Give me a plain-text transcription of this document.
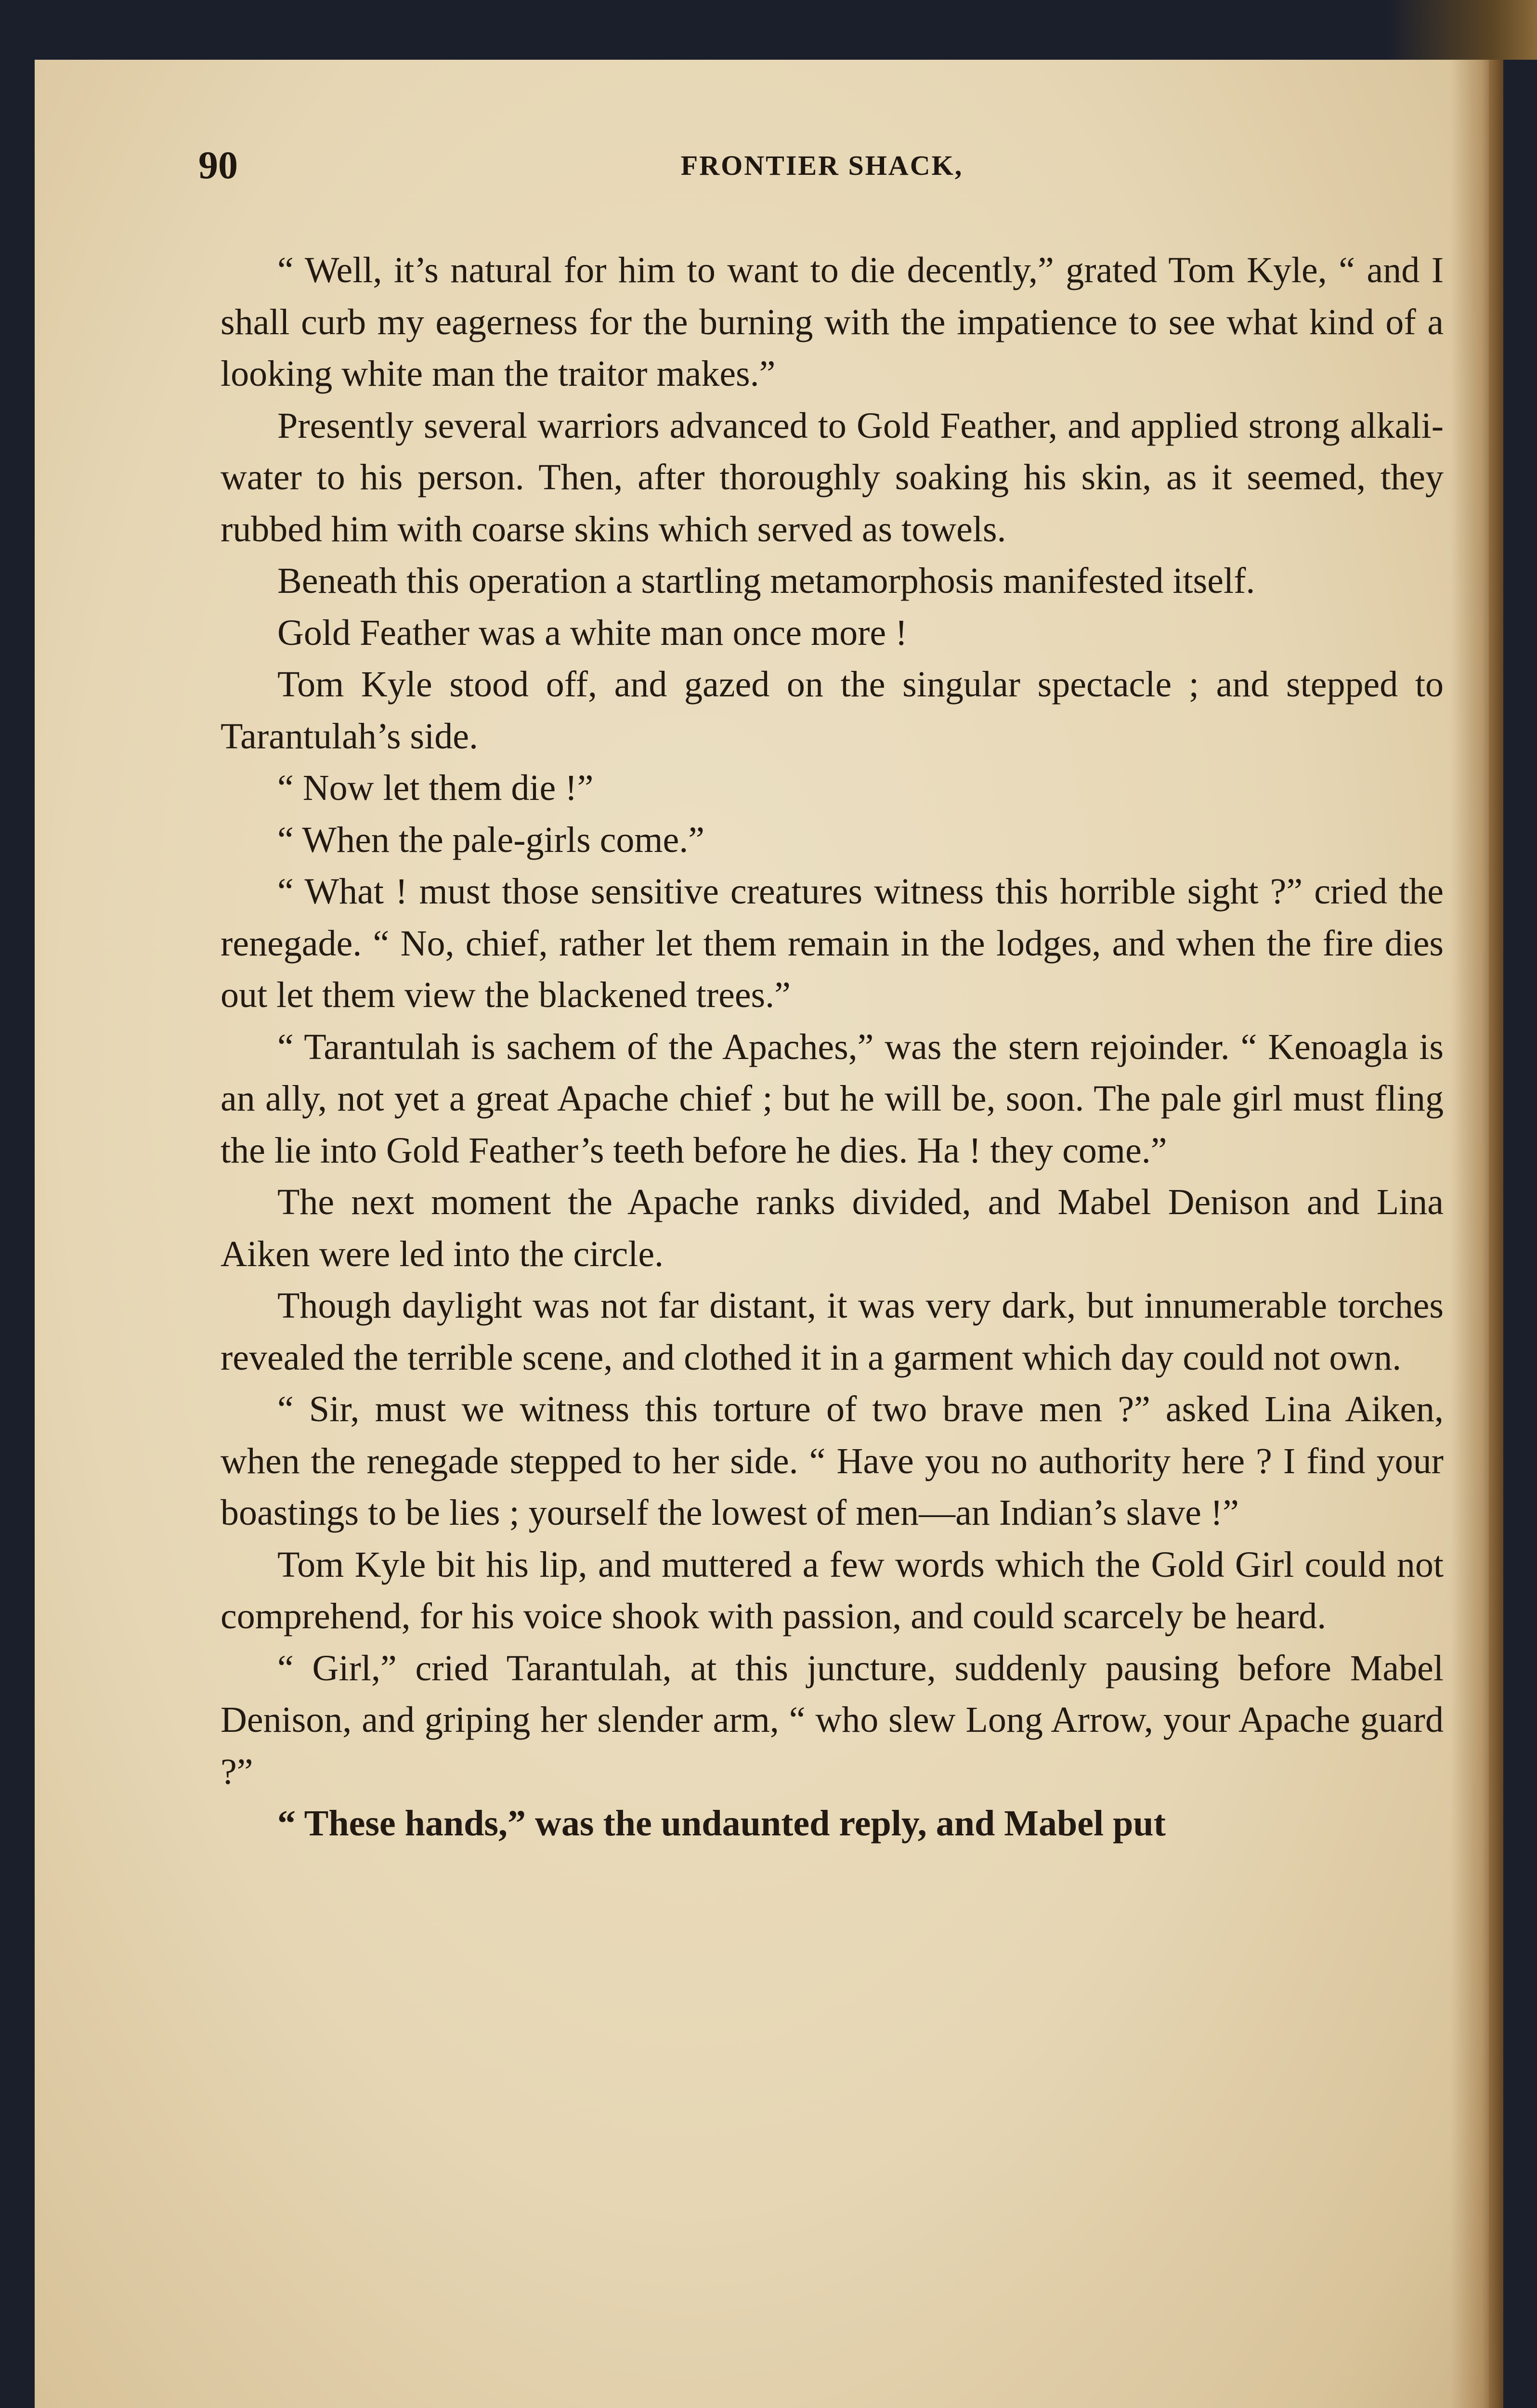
90	FRONTIER SHACK,

“ Well, it’s natural for him to want to die decently,” grated Tom Kyle, “ and I shall curb my eagerness for the burning with the impatience to see what kind of a looking white man the traitor makes.”

Presently several warriors advanced to Gold Feather, and applied strong alkali-water to his person. Then, after thoroughly soaking his skin, as it seemed, they rubbed him with coarse skins which served as towels.

Beneath this operation a startling metamorphosis manifested itself.

Gold Feather was a white man once more !

Tom Kyle stood off, and gazed on the singular spectacle ; and stepped to Tarantulah’s side.

“ Now let them die !”

“ When the pale-girls come.”

“ What ! must those sensitive creatures witness this horrible sight ?” cried the renegade. “ No, chief, rather let them remain in the lodges, and when the fire dies out let them view the blackened trees.”

“ Tarantulah is sachem of the Apaches,” was the stern rejoinder. “ Kenoagla is an ally, not yet a great Apache chief ; but he will be, soon. The pale girl must fling the lie into Gold Feather’s teeth before he dies. Ha ! they come.”

The next moment the Apache ranks divided, and Mabel Denison and Lina Aiken were led into the circle.

Though daylight was not far distant, it was very dark, but innumerable torches revealed the terrible scene, and clothed it in a garment which day could not own.

“ Sir, must we witness this torture of two brave men ?” asked Lina Aiken, when the renegade stepped to her side. “ Have you no authority here ? I find your boastings to be lies ; yourself the lowest of men—an Indian’s slave !”

Tom Kyle bit his lip, and muttered a few words which the Gold Girl could not comprehend, for his voice shook with passion, and could scarcely be heard.

“ Girl,” cried Tarantulah, at this juncture, suddenly pausing before Mabel Denison, and griping her slender arm, “ who slew Long Arrow, your Apache guard ?”

“ These hands,” was the undaunted reply, and Mabel put
